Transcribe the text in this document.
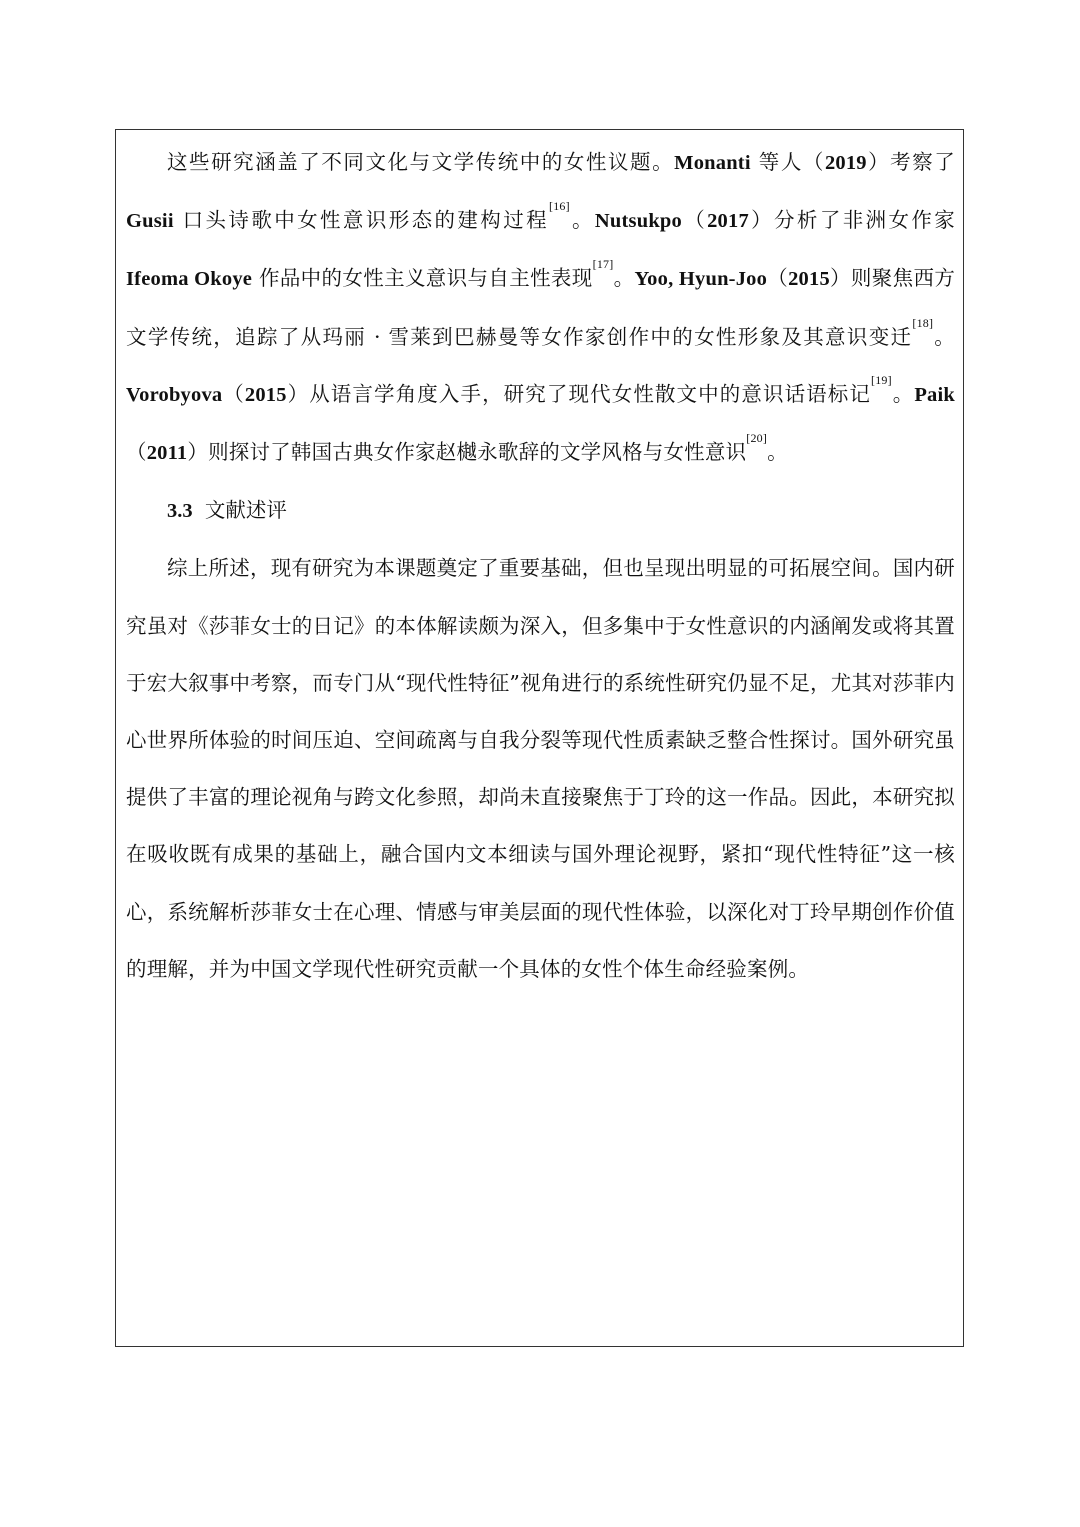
这些研究涵盖了不同文化与文学传统中的女性议题。Monanti 等人（2019）考察了 Gusii 口头诗歌中女性意识形态的建构过程[16]。Nutsukpo（2017）分析了非洲女作家 Ifeoma Okoye 作品中的女性主义意识与自主性表现[17]。Yoo, Hyun-Joo（2015）则聚焦西方文学传统，追踪了从玛丽 · 雪莱到巴赫曼等女作家创作中的女性形象及其意识变迁[18]。Vorobyova（2015）从语言学角度入手，研究了现代女性散文中的意识话语标记[19]。Paik（2011）则探讨了韩国古典女作家赵樾永歌辞的文学风格与女性意识[20]。

3.3 文献述评

综上所述，现有研究为本课题奠定了重要基础，但也呈现出明显的可拓展空间。国内研究虽对《莎菲女士的日记》的本体解读颇为深入，但多集中于女性意识的内涵阐发或将其置于宏大叙事中考察，而专门从“现代性特征”视角进行的系统性研究仍显不足，尤其对莎菲内心世界所体验的时间压迫、空间疏离与自我分裂等现代性质素缺乏整合性探讨。国外研究虽提供了丰富的理论视角与跨文化参照，却尚未直接聚焦于丁玲的这一作品。因此，本研究拟在吸收既有成果的基础上，融合国内文本细读与国外理论视野，紧扣“现代性特征”这一核心，系统解析莎菲女士在心理、情感与审美层面的现代性体验，以深化对丁玲早期创作价值的理解，并为中国文学现代性研究贡献一个具体的女性个体生命经验案例。
